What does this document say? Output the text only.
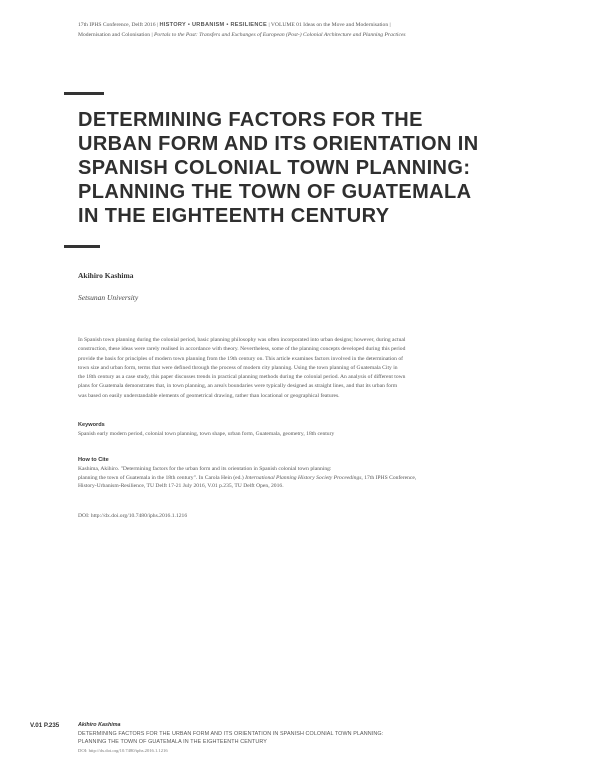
17th IPHS Conference, Delft 2016 | HISTORY • URBANISM • RESILIENCE | VOLUME 01 Ideas on the Move and Modernisation |
Modernisation and Colonisation | Portals to the Past: Transfers and Exchanges of European (Post-) Colonial Architecture and Planning Practices
DETERMINING FACTORS FOR THE
URBAN FORM AND ITS ORIENTATION IN
SPANISH COLONIAL TOWN PLANNING:
PLANNING THE TOWN OF GUATEMALA
IN THE EIGHTEENTH CENTURY
Akihiro Kashima
Setsunan University

In Spanish town planning during the colonial period, basic planning philosophy was often incorporated into urban designs; however, during actual

construction, these ideas were rarely realised in accordance with theory. Nevertheless, some of the planning concepts developed during this period

provide the basis for principles of modern town planning from the 19th century on. This article examines factors involved in the determination of

town size and urban form, terms that were defined through the process of modern city planning. Using the town planning of Guatemala City in

the 18th century as a case study, this paper discusses trends in practical planning methods during the colonial period. An analysis of different town

plans for Guatemala demonstrates that, in town planning, an area's boundaries were typically designed as straight lines, and that its urban form

was based on easily understandable elements of geometrical drawing, rather than locational or geographical features.

Keywords

Spanish early modern period, colonial town planning, town shape, urban form, Guatemala, geometry, 18th century

How to Cite

Kashima, Akihiro. "Determining factors for the urban form and its orientation in Spanish colonial town planning:

planning the town of Guatemala in the 18th century". In Carola Hein (ed.) International Planning History Society Proceedings, 17th IPHS Conference,

History-Urbanism-Resilience, TU Delft 17-21 July 2016, V.01 p.235, TU Delft Open, 2016.

DOI: http://dx.doi.org/10.7480/iphs.2016.1.1216

V.01 P.235	Akihiro Kashima
DETERMINING FACTORS FOR THE URBAN FORM AND ITS ORIENTATION IN SPANISH COLONIAL TOWN PLANNING:
PLANNING THE TOWN OF GUATEMALA IN THE EIGHTEENTH CENTURY
DOI: http://dx.doi.org/10.7480/iphs.2016.1.1216
